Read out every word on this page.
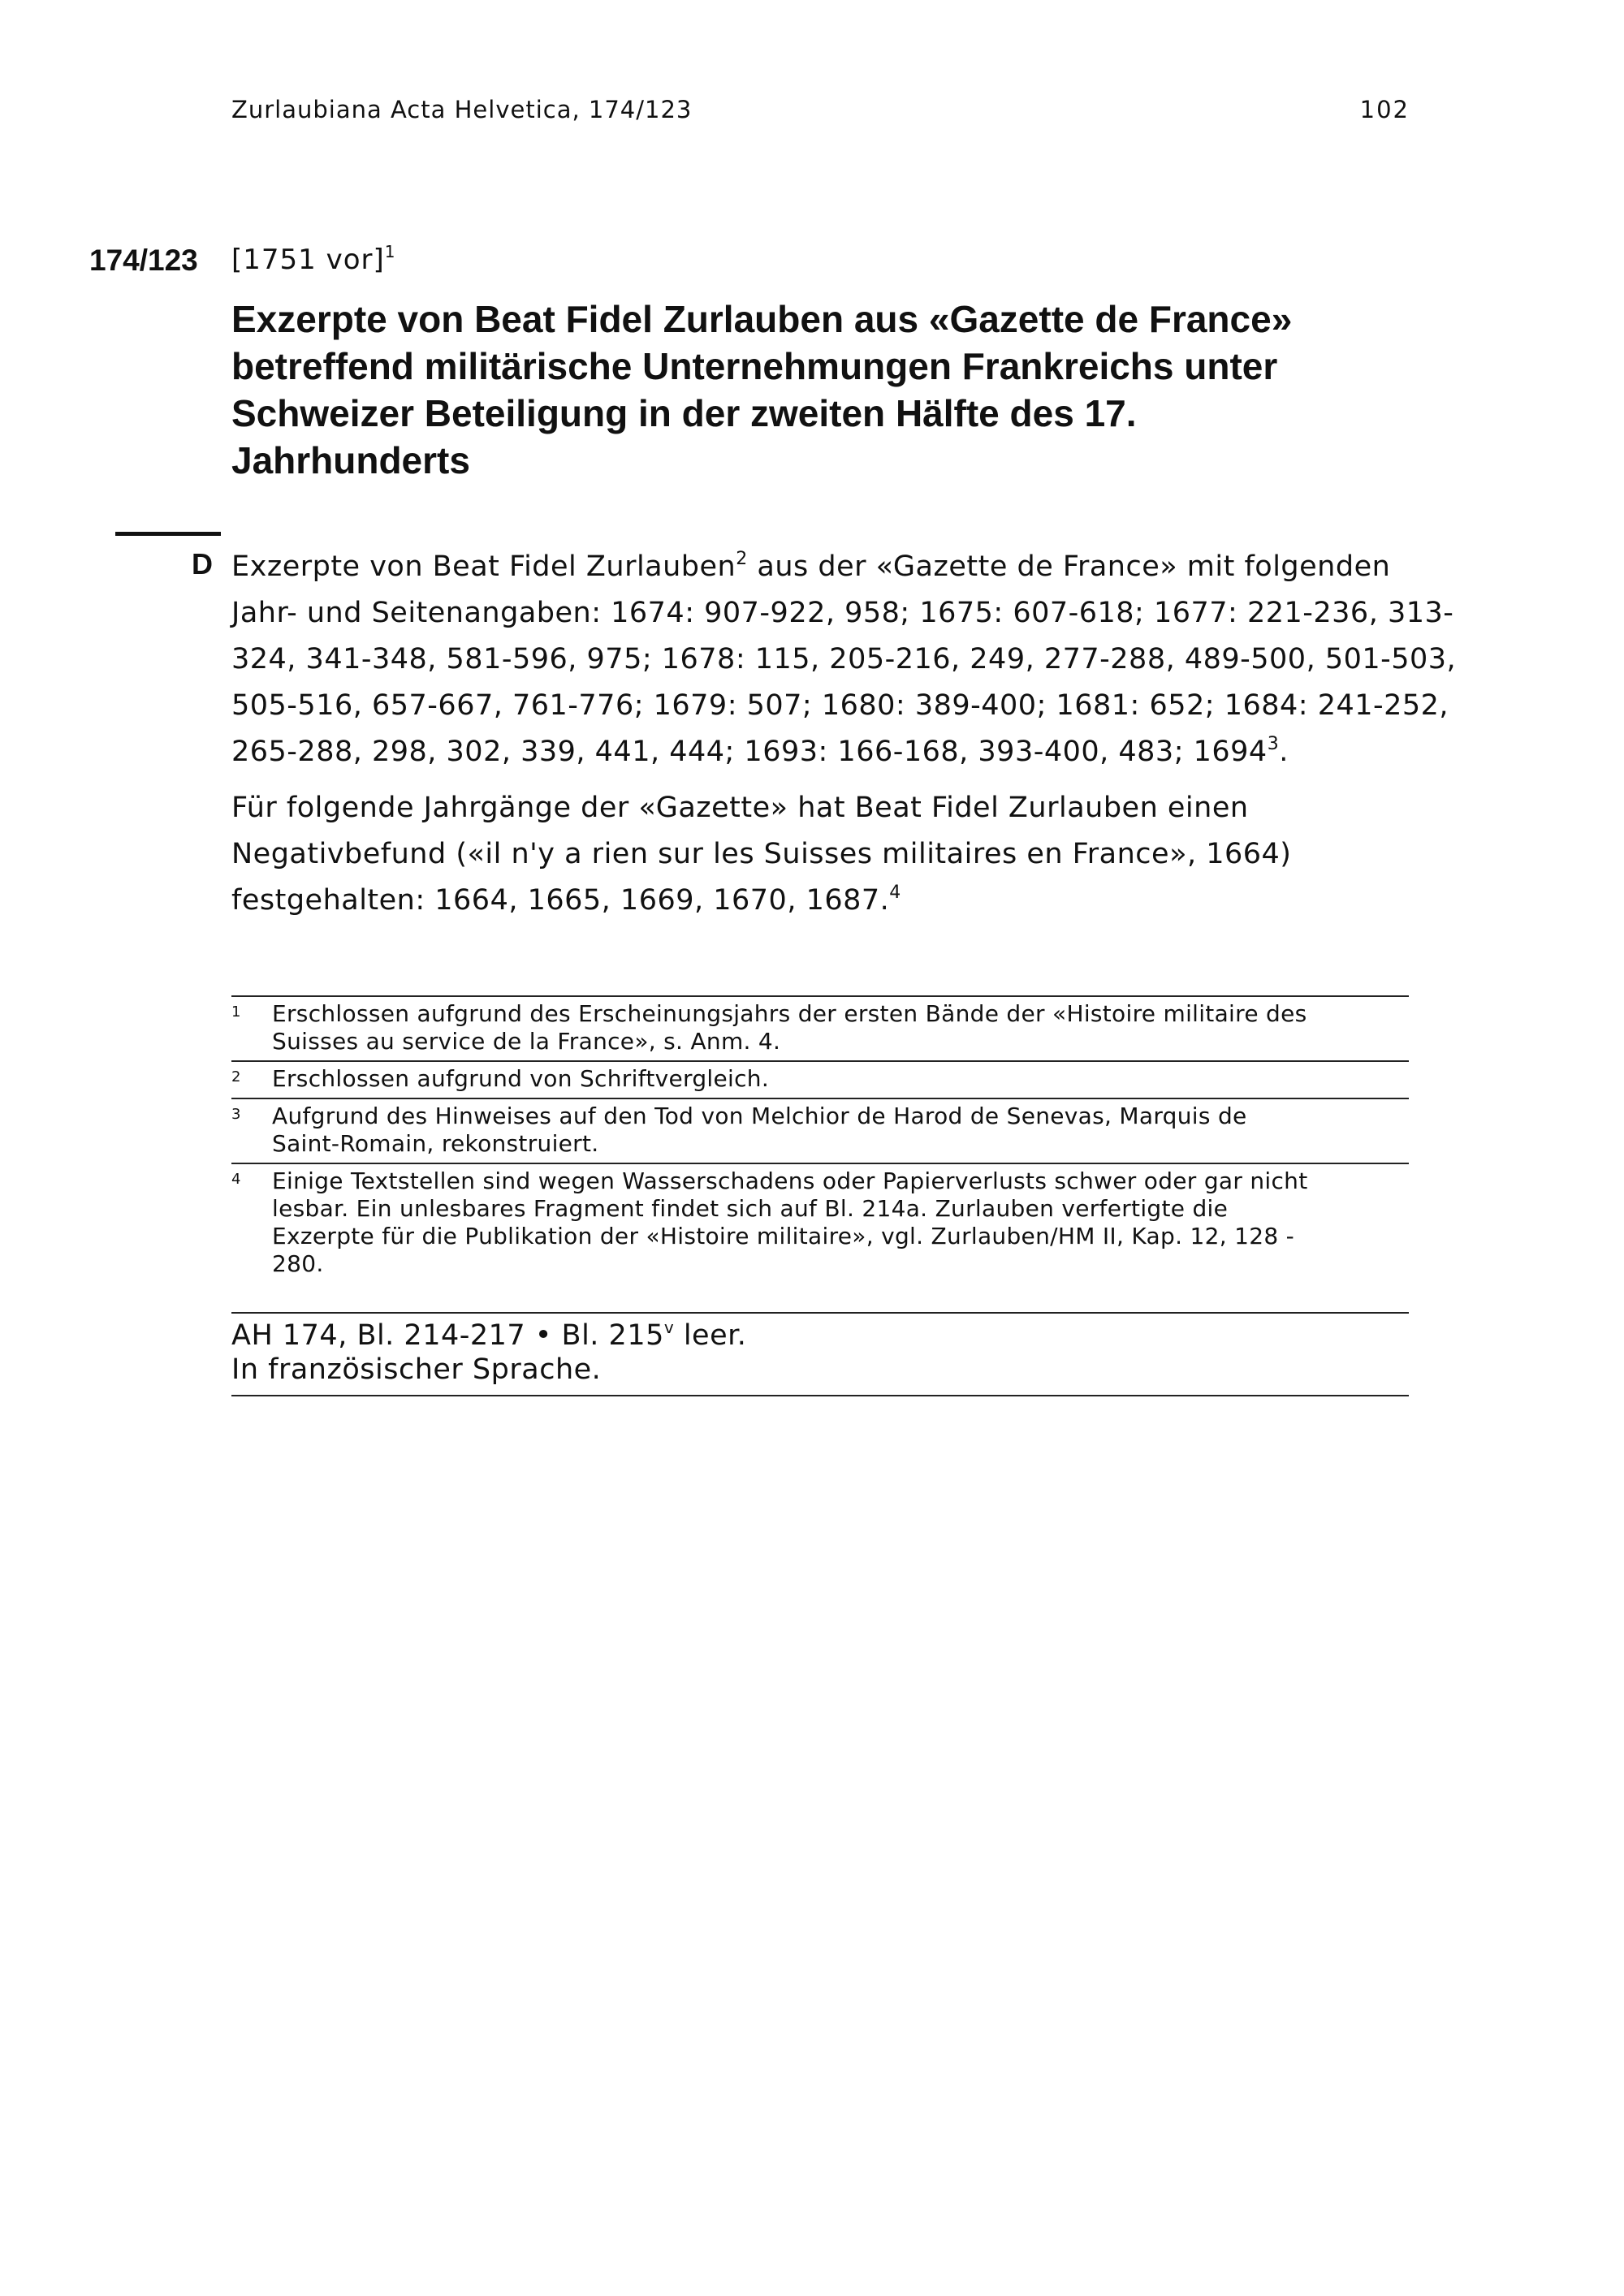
Zurlaubiana Acta Helvetica, 174/123	102
174/123 [1751 vor]$^1$
Exzerpte von Beat Fidel Zurlauben aus «Gazette de France»
betreffend militärische Unternehmungen Frankreichs unter
Schweizer Beteiligung in der zweiten Hälfte des 17.
Jahrhunderts
D Exzerpte von Beat Fidel Zurlauben$^2$ aus der «Gazette de France» mit folgenden
Jahr- und Seitenangaben: 1674: 907-922, 958; 1675: 607-618; 1677: 221-236, 313-
324, 341-348, 581-596, 975; 1678: 115, 205-216, 249, 277-288, 489-500, 501-503,
505-516, 657-667, 761-776; 1679: 507; 1680: 389-400; 1681: 652; 1684: 241-252,
265-288, 298, 302, 339, 441, 444; 1693: 166-168, 393-400, 483; 1694$^3$.
Für folgende Jahrgänge der «Gazette» hat Beat Fidel Zurlauben einen
Negativbefund («il n'y a rien sur les Suisses militaires en France», 1664)
festgehalten: 1664, 1665, 1669, 1670, 1687.$^4$
1 Erschlossen aufgrund des Erscheinungsjahrs der ersten Bände der «Histoire militaire des
Suisses au service de la France», s. Anm. 4.
2 Erschlossen aufgrund von Schriftvergleich.
3 Aufgrund des Hinweises auf den Tod von Melchior de Harod de Senevas, Marquis de
Saint-Romain, rekonstruiert.
4 Einige Textstellen sind wegen Wasserschadens oder Papierverlusts schwer oder gar nicht
lesbar. Ein unlesbares Fragment findet sich auf Bl. 214a. Zurlauben verfertigte die
Exzerpte für die Publikation der «Histoire militaire», vgl. Zurlauben/HM II, Kap. 12, 128 -
280.
AH 174, Bl. 214-217 • Bl. 215$^v$ leer.
In französischer Sprache.
